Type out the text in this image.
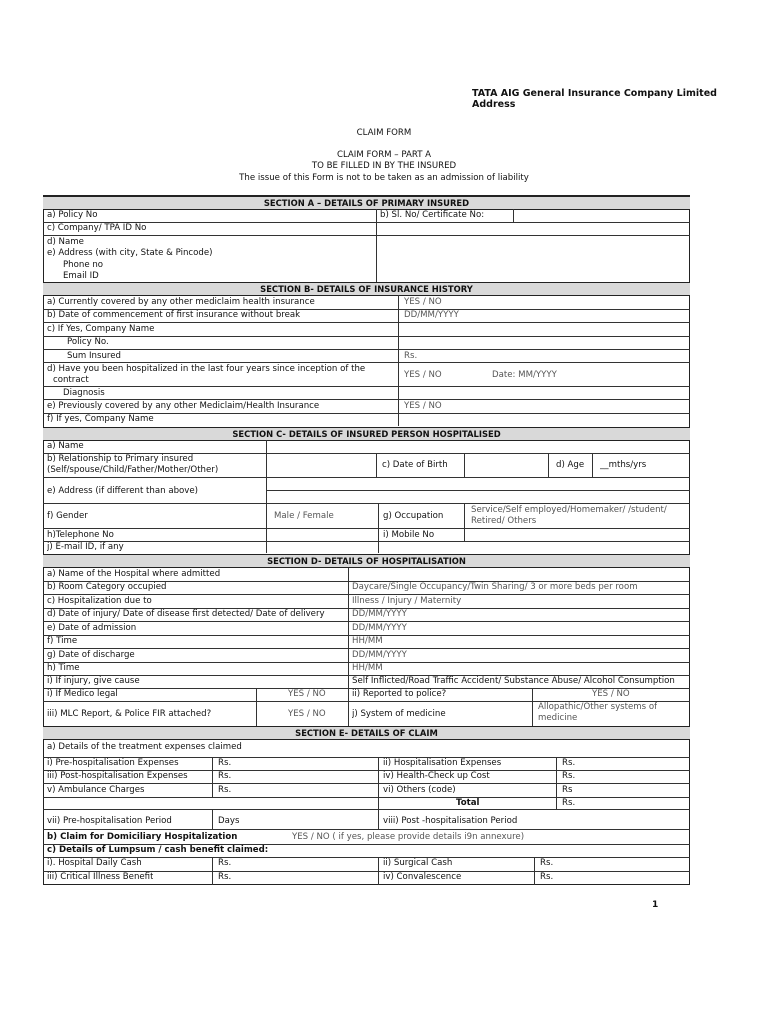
TATA AIG General Insurance Company Limited
Address
CLAIM FORM
CLAIM FORM – PART A
TO BE FILLED IN BY THE INSURED
The issue of this Form is not to be taken as an admission of liability
SECTION A – DETAILS OF PRIMARY INSURED
a) Policy No	b) Sl. No/ Certificate No:
c) Company/ TPA ID No
d) Name
e) Address (with city, State & Pincode)
Phone no
Email ID
SECTION B- DETAILS OF INSURANCE HISTORY
a) Currently covered by any other mediclaim health insurance	YES / NO
b) Date of commencement of first insurance without break	DD/MM/YYYY
c) If Yes, Company Name
Policy No.
Sum Insured	Rs.
d) Have you been hospitalized in the last four years since inception of the
contract	YES / NO	Date: MM/YYYY
Diagnosis
e) Previously covered by any other Mediclaim/Health Insurance	YES / NO
f) If yes, Company Name
SECTION C- DETAILS OF INSURED PERSON HOSPITALISED
a) Name
b) Relationship to Primary insured
(Self/spouse/Child/Father/Mother/Other)	c) Date of Birth	d) Age __mths/yrs
e) Address (if different than above)
f) Gender	Male / Female	g) Occupation
Service/Self employed/Homemaker/ /student/
Retired/ Others
h)Telephone No	i) Mobile No
j) E-mail ID, if any
SECTION D- DETAILS OF HOSPITALISATION
a) Name of the Hospital where admitted
b) Room Category occupied	Daycare/Single Occupancy/Twin Sharing/ 3 or more beds per room
c) Hospitalization due to	Illness / Injury / Maternity
d) Date of injury/ Date of disease first detected/ Date of delivery	DD/MM/YYYY
e) Date of admission	DD/MM/YYYY
f) Time	HH/MM
g) Date of discharge	DD/MM/YYYY
h) Time	HH/MM
i) If injury, give cause	Self Inflicted/Road Traffic Accident/ Substance Abuse/ Alcohol Consumption
i) If Medico legal	YES / NO	ii) Reported to police?	YES / NO
iii) MLC Report, & Police FIR attached?	YES / NO	j) System of medicine
Allopathic/Other systems of
medicine
SECTION E- DETAILS OF CLAIM
a) Details of the treatment expenses claimed
i) Pre-hospitalisation Expenses	Rs.	ii) Hospitalisation Expenses	Rs.
iii) Post-hospitalisation Expenses	Rs.	iv) Health-Check up Cost	Rs.
v) Ambulance Charges	Rs.	vi) Others (code)	Rs
Total	Rs.
vii) Pre-hospitalisation Period	Days	viii) Post -hospitalisation Period
b) Claim for Domiciliary Hospitalization	YES / NO ( if yes, please provide details i9n annexure)
c) Details of Lumpsum / cash benefit claimed:
i). Hospital Daily Cash	Rs.	ii) Surgical Cash	Rs.
iii) Critical Illness Benefit	Rs.	iv) Convalescence	Rs.
1
